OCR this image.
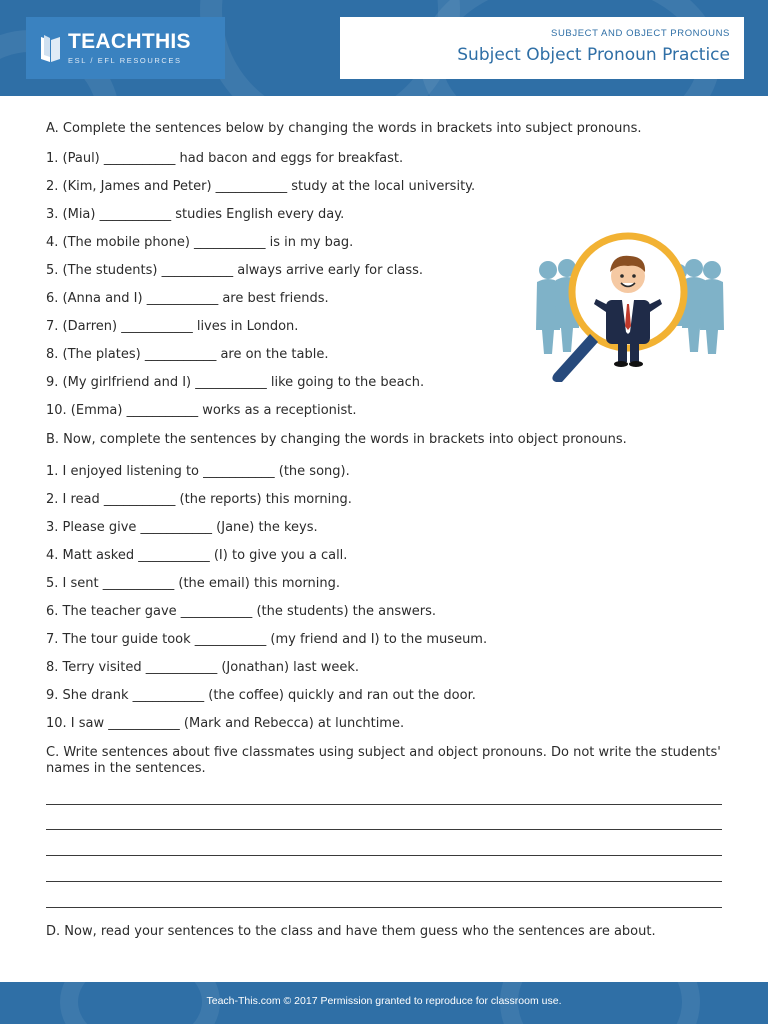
TEACHTHIS
ESL / EFL RESOURCES
SUBJECT AND OBJECT PRONOUNS
Subject Object Pronoun Practice
A. Complete the sentences below by changing the words in brackets into subject pronouns.
1. (Paul) ___________ had bacon and eggs for breakfast.
2. (Kim, James and Peter) ___________ study at the local university.
3. (Mia) ___________ studies English every day.
4. (The mobile phone) ___________ is in my bag.
5. (The students) ___________ always arrive early for class.
6. (Anna and I) ___________ are best friends.
7. (Darren) ___________ lives in London.
8. (The plates) ___________ are on the table.
9. (My girlfriend and I) ___________ like going to the beach.
10. (Emma) ___________ works as a receptionist.
B. Now, complete the sentences by changing the words in brackets into object pronouns.
1. I enjoyed listening to ___________ (the song).
2. I read ___________ (the reports) this morning.
3. Please give ___________ (Jane) the keys.
4. Matt asked ___________ (I) to give you a call.
5. I sent ___________ (the email) this morning.
6. The teacher gave ___________ (the students) the answers.
7. The tour guide took ___________ (my friend and I) to the museum.
8. Terry visited ___________ (Jonathan) last week.
9. She drank ___________ (the coffee) quickly and ran out the door.
10. I saw ___________ (Mark and Rebecca) at lunchtime.
C. Write sentences about five classmates using subject and object pronouns. Do not write the students' names in the sentences.
D. Now, read your sentences to the class and have them guess who the sentences are about.
Teach-This.com © 2017 Permission granted to reproduce for classroom use.
